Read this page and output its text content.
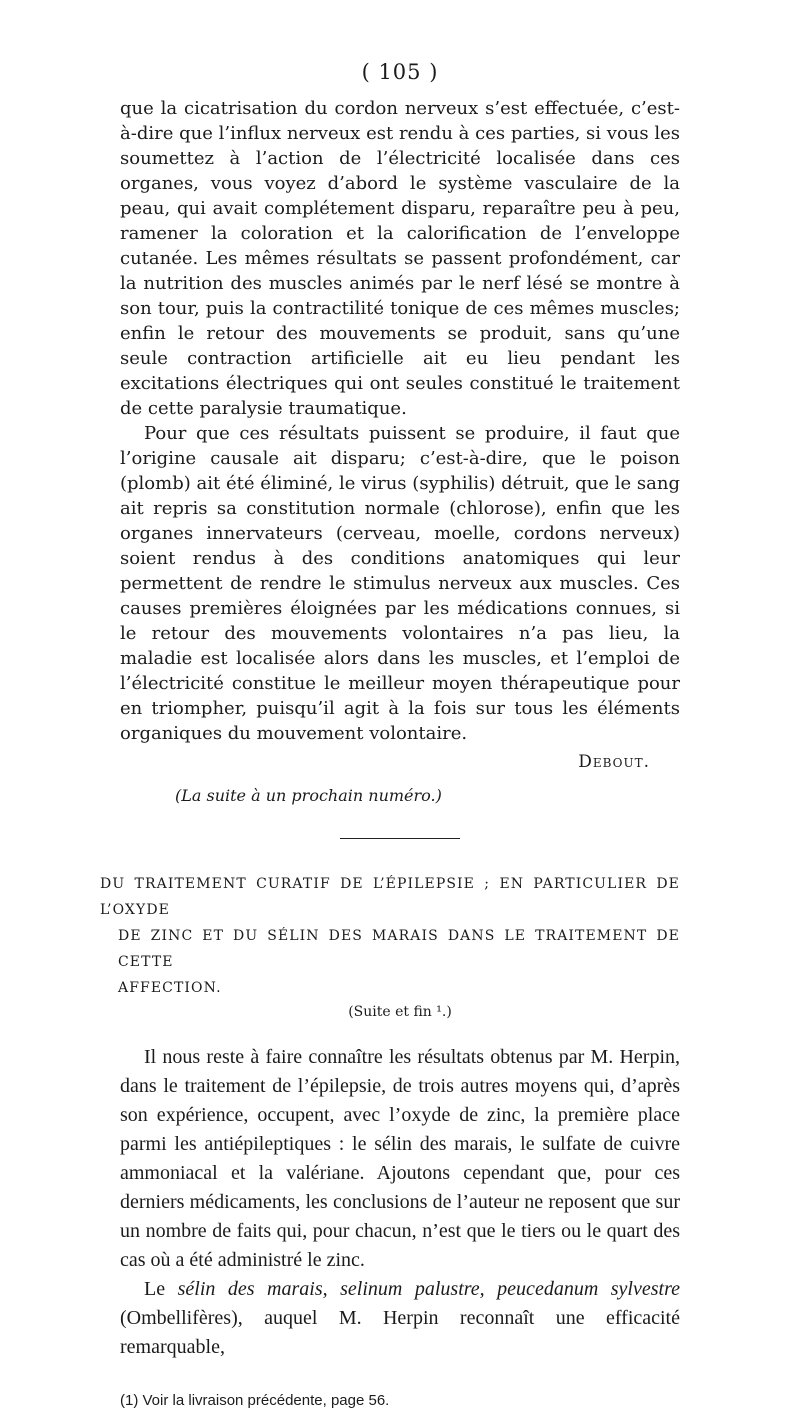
( 105 )

que la cicatrisation du cordon nerveux s’est effectuée, c’est-à-dire que l’influx nerveux est rendu à ces parties, si vous les soumettez à l’action de l’électricité localisée dans ces organes, vous voyez d’abord le système vasculaire de la peau, qui avait complétement disparu, reparaître peu à peu, ramener la coloration et la calorification de l’enveloppe cutanée. Les mêmes résultats se passent profondément, car la nutrition des muscles animés par le nerf lésé se montre à son tour, puis la contractilité tonique de ces mêmes muscles; enfin le retour des mouvements se produit, sans qu’une seule contraction artificielle ait eu lieu pendant les excitations électriques qui ont seules constitué le traitement de cette paralysie traumatique.

Pour que ces résultats puissent se produire, il faut que l’origine causale ait disparu; c’est-à-dire, que le poison (plomb) ait été éliminé, le virus (syphilis) détruit, que le sang ait repris sa constitution normale (chlorose), enfin que les organes innervateurs (cerveau, moelle, cordons nerveux) soient rendus à des conditions anatomiques qui leur permettent de rendre le stimulus nerveux aux muscles. Ces causes premières éloignées par les médications connues, si le retour des mouvements volontaires n’a pas lieu, la maladie est localisée alors dans les muscles, et l’emploi de l’électricité constitue le meilleur moyen thérapeutique pour en triompher, puisqu’il agit à la fois sur tous les éléments organiques du mouvement volontaire.

Debout.
(La suite à un prochain numéro.)
DU TRAITEMENT CURATIF DE L’ÉPILEPSIE ; EN PARTICULIER DE L’OXYDE
DE ZINC ET DU SÉLIN DES MARAIS DANS LE TRAITEMENT DE CETTE
AFFECTION.
(Suite et fin ¹.)

Il nous reste à faire connaître les résultats obtenus par M. Herpin, dans le traitement de l’épilepsie, de trois autres moyens qui, d’après son expérience, occupent, avec l’oxyde de zinc, la première place parmi les antiépileptiques : le sélin des marais, le sulfate de cuivre ammoniacal et la valériane. Ajoutons cependant que, pour ces derniers médicaments, les conclusions de l’auteur ne reposent que sur un nombre de faits qui, pour chacun, n’est que le tiers ou le quart des cas où a été administré le zinc.

Le sélin des marais, selinum palustre, peucedanum sylvestre (Ombellifères), auquel M. Herpin reconnaît une efficacité remarquable,

(1) Voir la livraison précédente, page 56.
